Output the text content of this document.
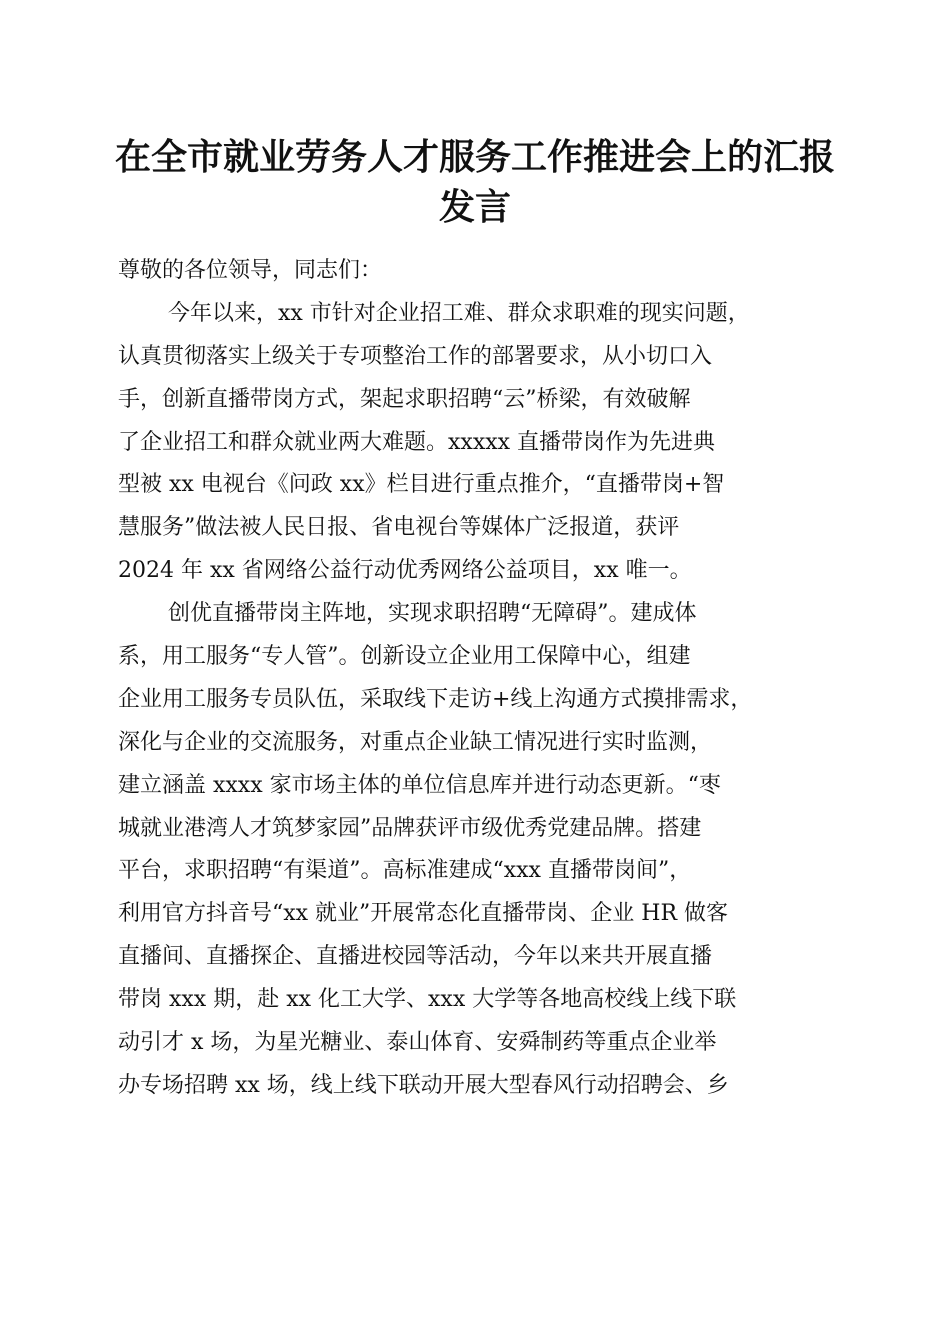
在全市就业劳务人才服务工作推进会上的汇报
发言
尊敬的各位领导，同志们：
今年以来，xx 市针对企业招工难、群众求职难的现实问题，
认真贯彻落实上级关于专项整治工作的部署要求，从小切口入
手，创新直播带岗方式，架起求职招聘“云”桥梁，有效破解
了企业招工和群众就业两大难题。xxxxx 直播带岗作为先进典
型被 xx 电视台《问政 xx》栏目进行重点推介，“直播带岗+智
慧服务”做法被人民日报、省电视台等媒体广泛报道，获评
2024 年 xx 省网络公益行动优秀网络公益项目，xx 唯一。
创优直播带岗主阵地，实现求职招聘“无障碍”。建成体
系，用工服务“专人管”。创新设立企业用工保障中心，组建
企业用工服务专员队伍，采取线下走访+线上沟通方式摸排需求，
深化与企业的交流服务，对重点企业缺工情况进行实时监测，
建立涵盖 xxxx 家市场主体的单位信息库并进行动态更新。“枣
城就业港湾人才筑梦家园”品牌获评市级优秀党建品牌。搭建
平台，求职招聘“有渠道”。高标准建成“xxx 直播带岗间”，
利用官方抖音号“xx 就业”开展常态化直播带岗、企业 HR 做客
直播间、直播探企、直播进校园等活动，今年以来共开展直播
带岗 xxx 期，赴 xx 化工大学、xxx 大学等各地高校线上线下联
动引才 x 场，为星光糖业、泰山体育、安舜制药等重点企业举
办专场招聘 xx 场，线上线下联动开展大型春风行动招聘会、乡
